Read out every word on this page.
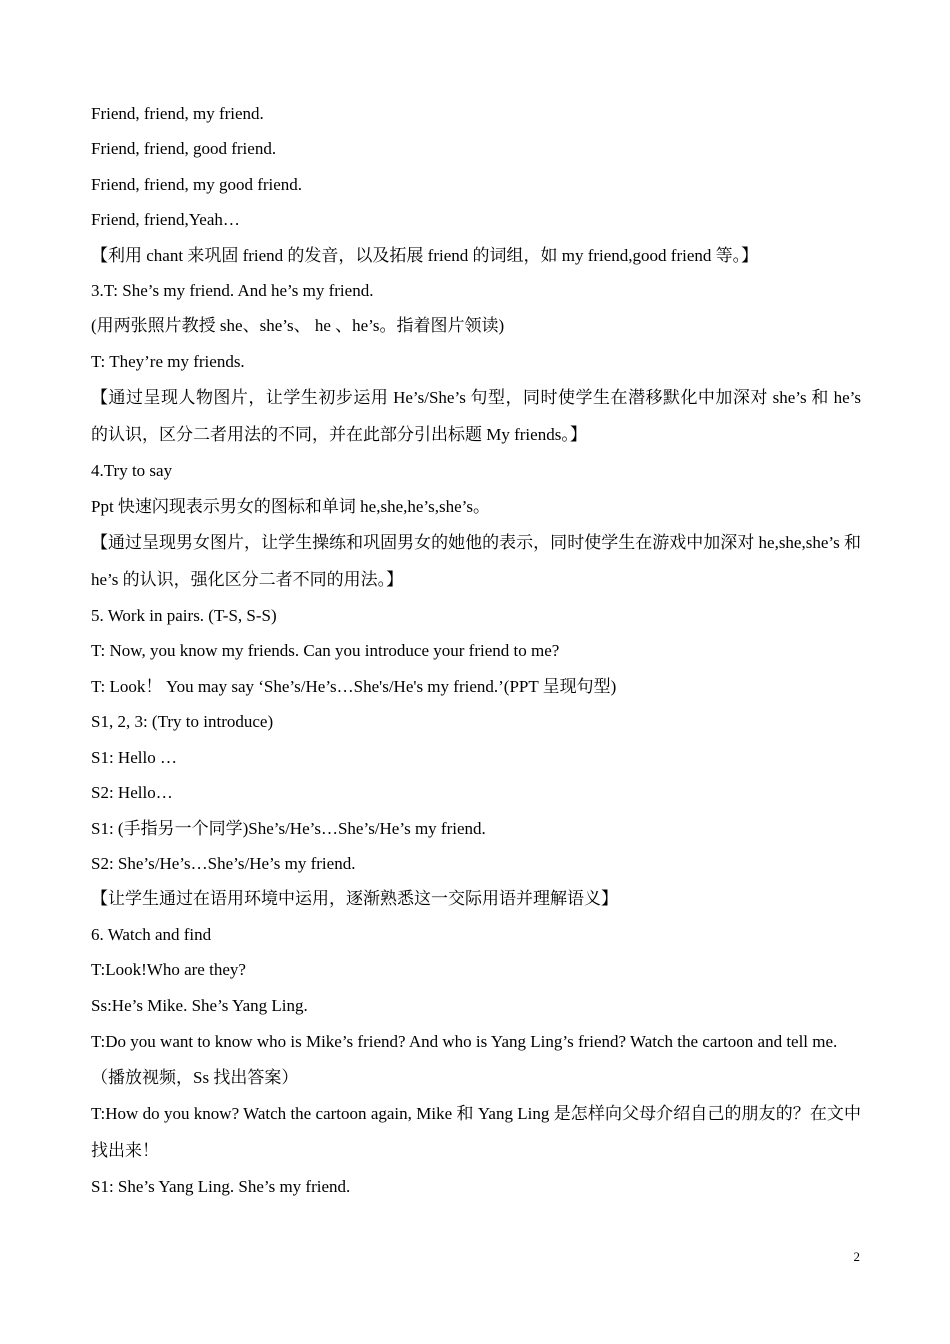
Friend, friend, my friend.
Friend, friend, good friend.
Friend, friend, my good friend.
Friend, friend,Yeah…
【利用 chant 来巩固 friend 的发音，以及拓展 friend 的词组，如 my friend,good friend 等。】
3.T: She’s my friend. And he’s my friend.
(用两张照片教授 she、she’s、 he 、he’s。指着图片领读)
T: They’re my friends.
【通过呈现人物图片，让学生初步运用 He’s/She’s 句型，同时使学生在潜移默化中加深对 she’s 和 he’s 的认识，区分二者用法的不同，并在此部分引出标题 My friends。】
4.Try to say
Ppt 快速闪现表示男女的图标和单词 he,she,he’s,she’s。
【通过呈现男女图片，让学生操练和巩固男女的她他的表示，同时使学生在游戏中加深对 he,she,she’s 和 he’s 的认识，强化区分二者不同的用法。】
5. Work in pairs. (T-S, S-S)
T: Now, you know my friends. Can you introduce your friend to me?
T: Look！ You may say ‘She’s/He’s…She's/He's my friend.’(PPT 呈现句型)
S1, 2, 3: (Try to introduce)
S1: Hello …
S2: Hello…
S1: (手指另一个同学)She’s/He’s…She’s/He’s my friend.
S2: She’s/He’s…She’s/He’s my friend.
【让学生通过在语用环境中运用，逐渐熟悉这一交际用语并理解语义】
6. Watch and find
T:Look!Who are they?
Ss:He’s Mike. She’s Yang Ling.
T:Do you want to know who is Mike’s friend? And who is Yang Ling’s friend? Watch the cartoon and tell me.
（播放视频，Ss 找出答案）
T:How do you know? Watch the cartoon again, Mike 和 Yang Ling 是怎样向父母介绍自己的朋友的？在文中找出来！
S1: She’s Yang Ling. She’s my friend.
2
